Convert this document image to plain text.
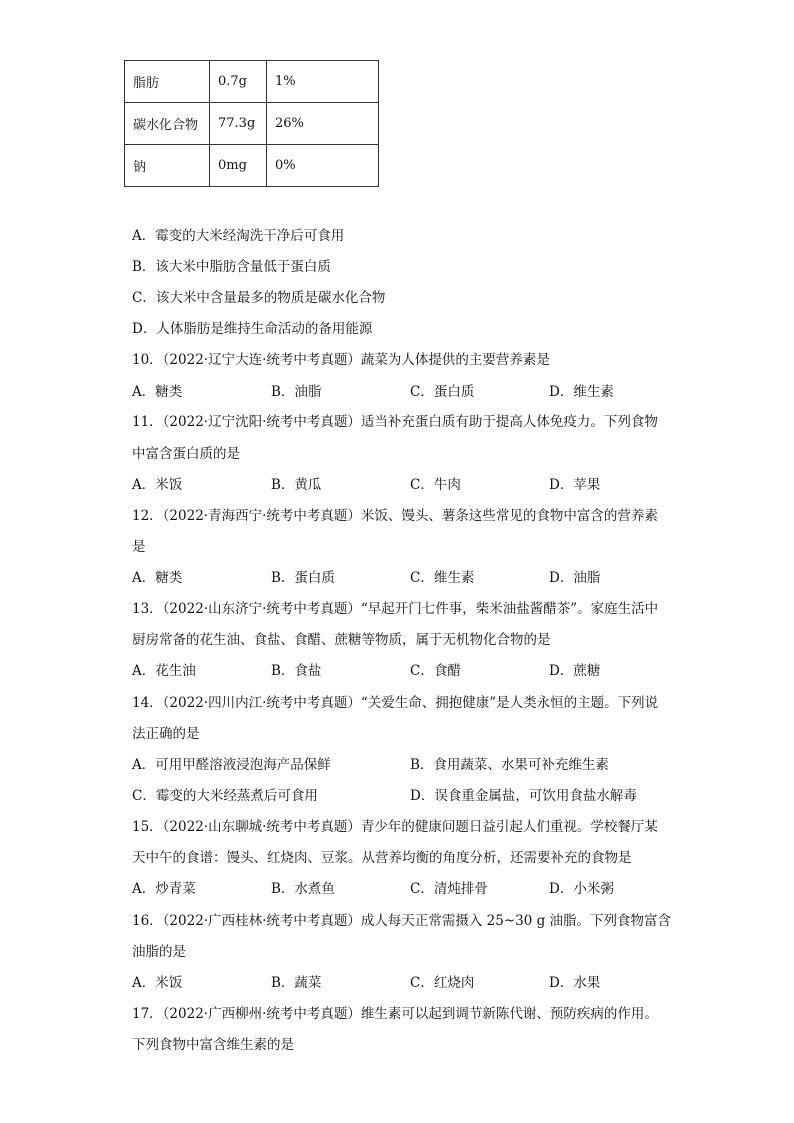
脂肪	0.7g	1%
碳水化合物	77.3g	26%
钠	0mg	0%
A．霉变的大米经淘洗干净后可食用
B．该大米中脂肪含量低于蛋白质
C．该大米中含量最多的物质是碳水化合物
D．人体脂肪是维持生命活动的备用能源
10．（2022·辽宁大连·统考中考真题）蔬菜为人体提供的主要营养素是
A．糖类	B．油脂	C．蛋白质	D．维生素
11．（2022·辽宁沈阳·统考中考真题）适当补充蛋白质有助于提高人体免疫力。下列食物
中富含蛋白质的是
A．米饭	B．黄瓜	C．牛肉	D．苹果
12．（2022·青海西宁·统考中考真题）米饭、馒头、薯条这些常见的食物中富含的营养素
是
A．糖类	B．蛋白质	C．维生素	D．油脂
13．（2022·山东济宁·统考中考真题）“早起开门七件事，柴米油盐酱醋茶”。家庭生活中
厨房常备的花生油、食盐、食醋、蔗糖等物质，属于无机物化合物的是
A．花生油	B．食盐	C．食醋	D．蔗糖
14．（2022·四川内江·统考中考真题）“关爱生命、拥抱健康”是人类永恒的主题。下列说
法正确的是
A．可用甲醛溶液浸泡海产品保鲜	B．食用蔬菜、水果可补充维生素
C．霉变的大米经蒸煮后可食用	D．误食重金属盐，可饮用食盐水解毒
15．（2022·山东聊城·统考中考真题）青少年的健康问题日益引起人们重视。学校餐厅某
天中午的食谱：馒头、红烧肉、豆浆。从营养均衡的角度分析，还需要补充的食物是
A．炒青菜	B．水煮鱼	C．清炖排骨	D．小米粥
16．（2022·广西桂林·统考中考真题）成人每天正常需摄入 25~30 g 油脂。下列食物富含
油脂的是
A．米饭	B．蔬菜	C．红烧肉	D．水果
17．（2022·广西柳州·统考中考真题）维生素可以起到调节新陈代谢、预防疾病的作用。
下列食物中富含维生素的是
